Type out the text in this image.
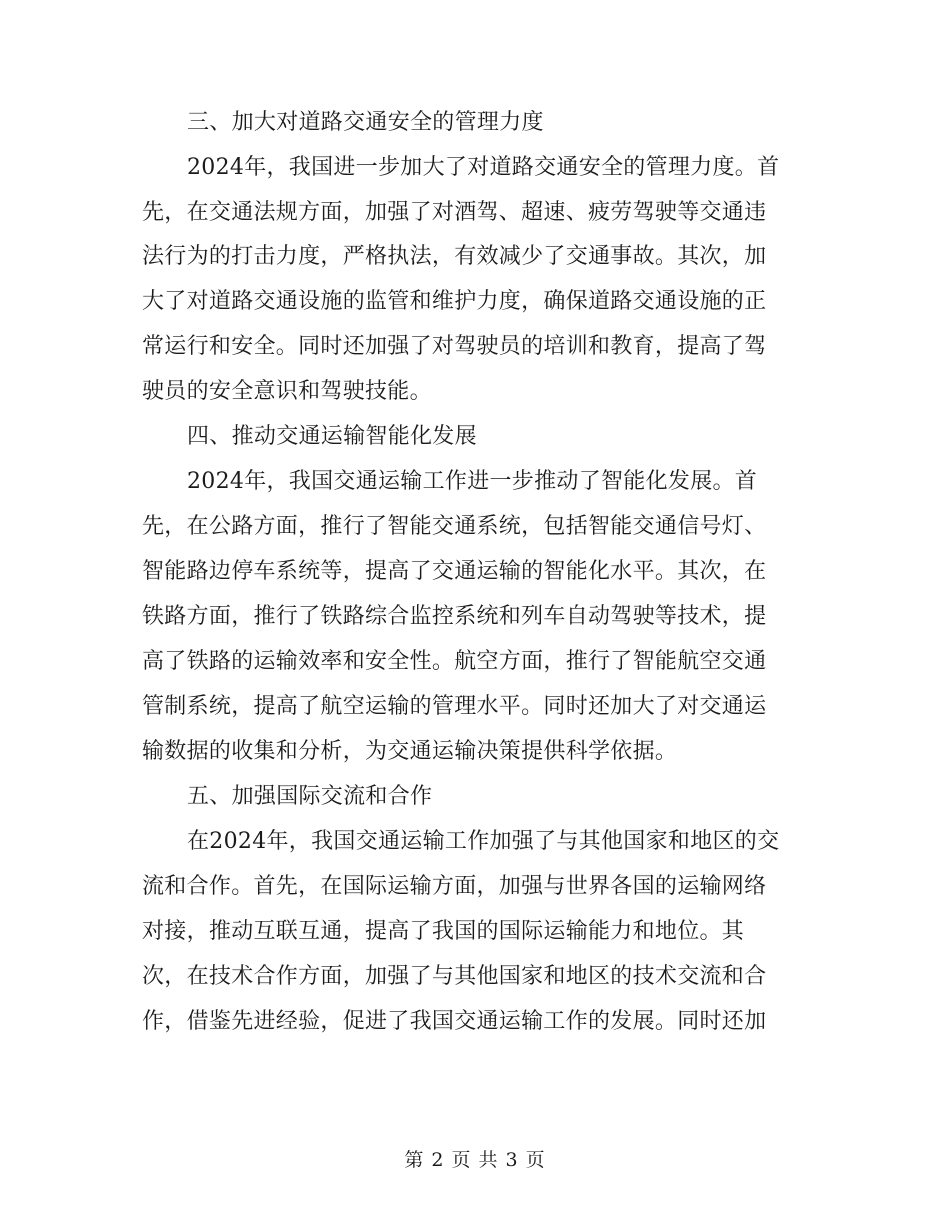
三、加大对道路交通安全的管理力度
2024年，我国进一步加大了对道路交通安全的管理力度。首
先，在交通法规方面，加强了对酒驾、超速、疲劳驾驶等交通违
法行为的打击力度，严格执法，有效减少了交通事故。其次，加
大了对道路交通设施的监管和维护力度，确保道路交通设施的正
常运行和安全。同时还加强了对驾驶员的培训和教育，提高了驾
驶员的安全意识和驾驶技能。
四、推动交通运输智能化发展
2024年，我国交通运输工作进一步推动了智能化发展。首
先，在公路方面，推行了智能交通系统，包括智能交通信号灯、
智能路边停车系统等，提高了交通运输的智能化水平。其次，在
铁路方面，推行了铁路综合监控系统和列车自动驾驶等技术，提
高了铁路的运输效率和安全性。航空方面，推行了智能航空交通
管制系统，提高了航空运输的管理水平。同时还加大了对交通运
输数据的收集和分析，为交通运输决策提供科学依据。
五、加强国际交流和合作
在2024年，我国交通运输工作加强了与其他国家和地区的交
流和合作。首先，在国际运输方面，加强与世界各国的运输网络
对接，推动互联互通，提高了我国的国际运输能力和地位。其
次，在技术合作方面，加强了与其他国家和地区的技术交流和合
作，借鉴先进经验，促进了我国交通运输工作的发展。同时还加
第 2 页 共 3 页
